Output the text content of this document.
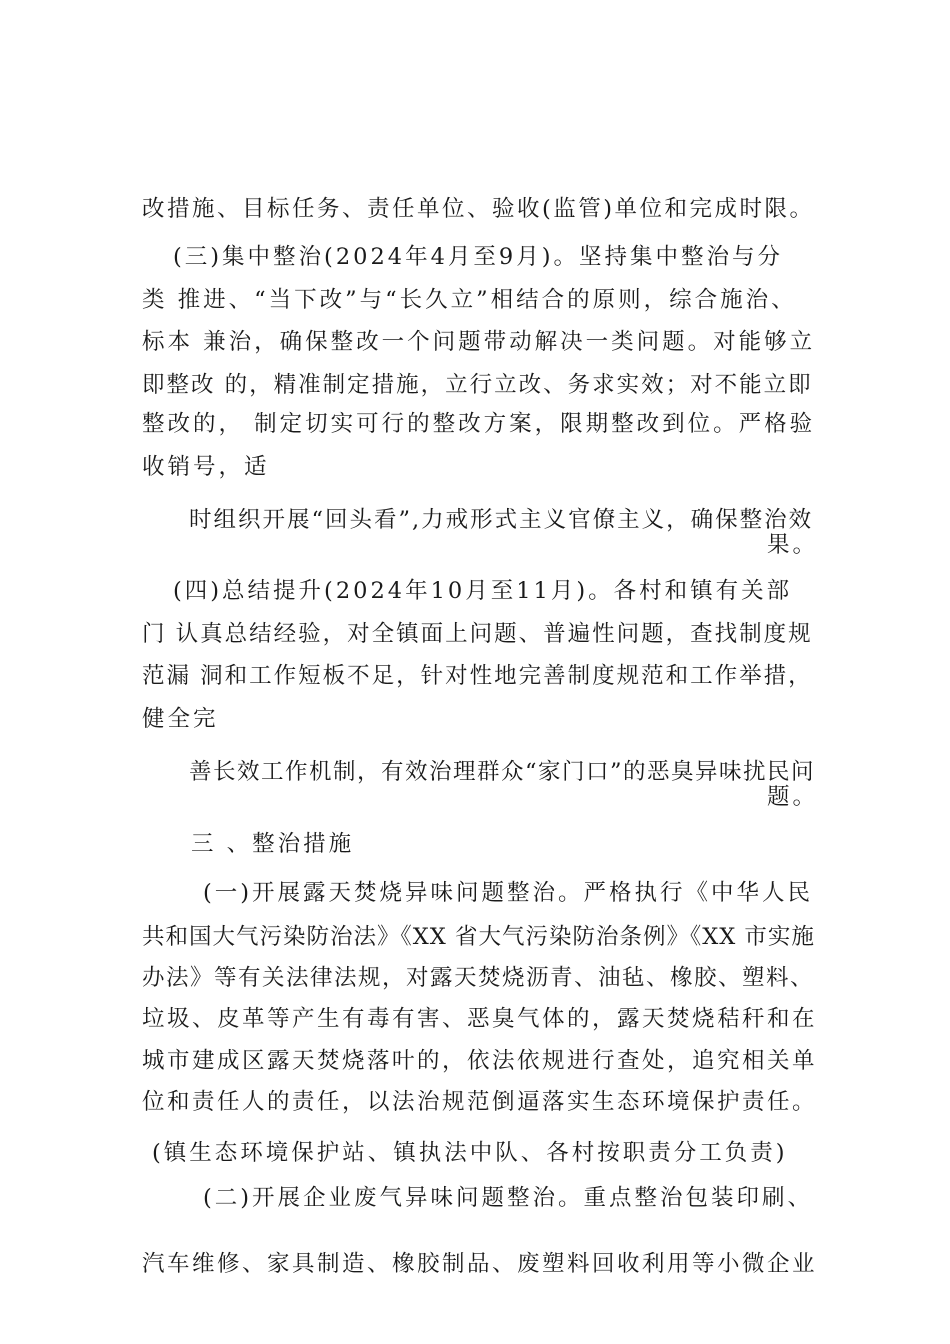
改措施、目标任务、责任单位、验收(监管)单位和完成时限。
(三)集中整治(2024年4月至9月)。坚持集中整治与分
类 推进、“当下改”与“长久立”相结合的原则，综合施治、
标本 兼治，确保整改一个问题带动解决一类问题。对能够立
即整改 的，精准制定措施，立行立改、务求实效；对不能立即
整改的， 制定切实可行的整改方案，限期整改到位。严格验
收销号，适
时组织开展“回头看”,力戒形式主义官僚主义，确保整治效
果。
(四)总结提升(2024年10月至11月)。各村和镇有关部
门 认真总结经验，对全镇面上问题、普遍性问题，查找制度规
范漏 洞和工作短板不足，针对性地完善制度规范和工作举措，
健全完
善长效工作机制，有效治理群众“家门口”的恶臭异味扰民问
题。
三 、整治措施
(一)开展露天焚烧异味问题整治。严格执行《中华人民
共和国大气污染防治法》《XX 省大气污染防治条例》《XX 市实施
办法》等有关法律法规，对露天焚烧沥青、油毡、橡胶、塑料、
垃圾、皮革等产生有毒有害、恶臭气体的，露天焚烧秸秆和在
城市建成区露天焚烧落叶的，依法依规进行查处，追究相关单
位和责任人的责任，以法治规范倒逼落实生态环境保护责任。
(镇生态环境保护站、镇执法中队、各村按职责分工负责)
(二)开展企业废气异味问题整治。重点整治包装印刷、
汽车维修、家具制造、橡胶制品、废塑料回收利用等小微企业
